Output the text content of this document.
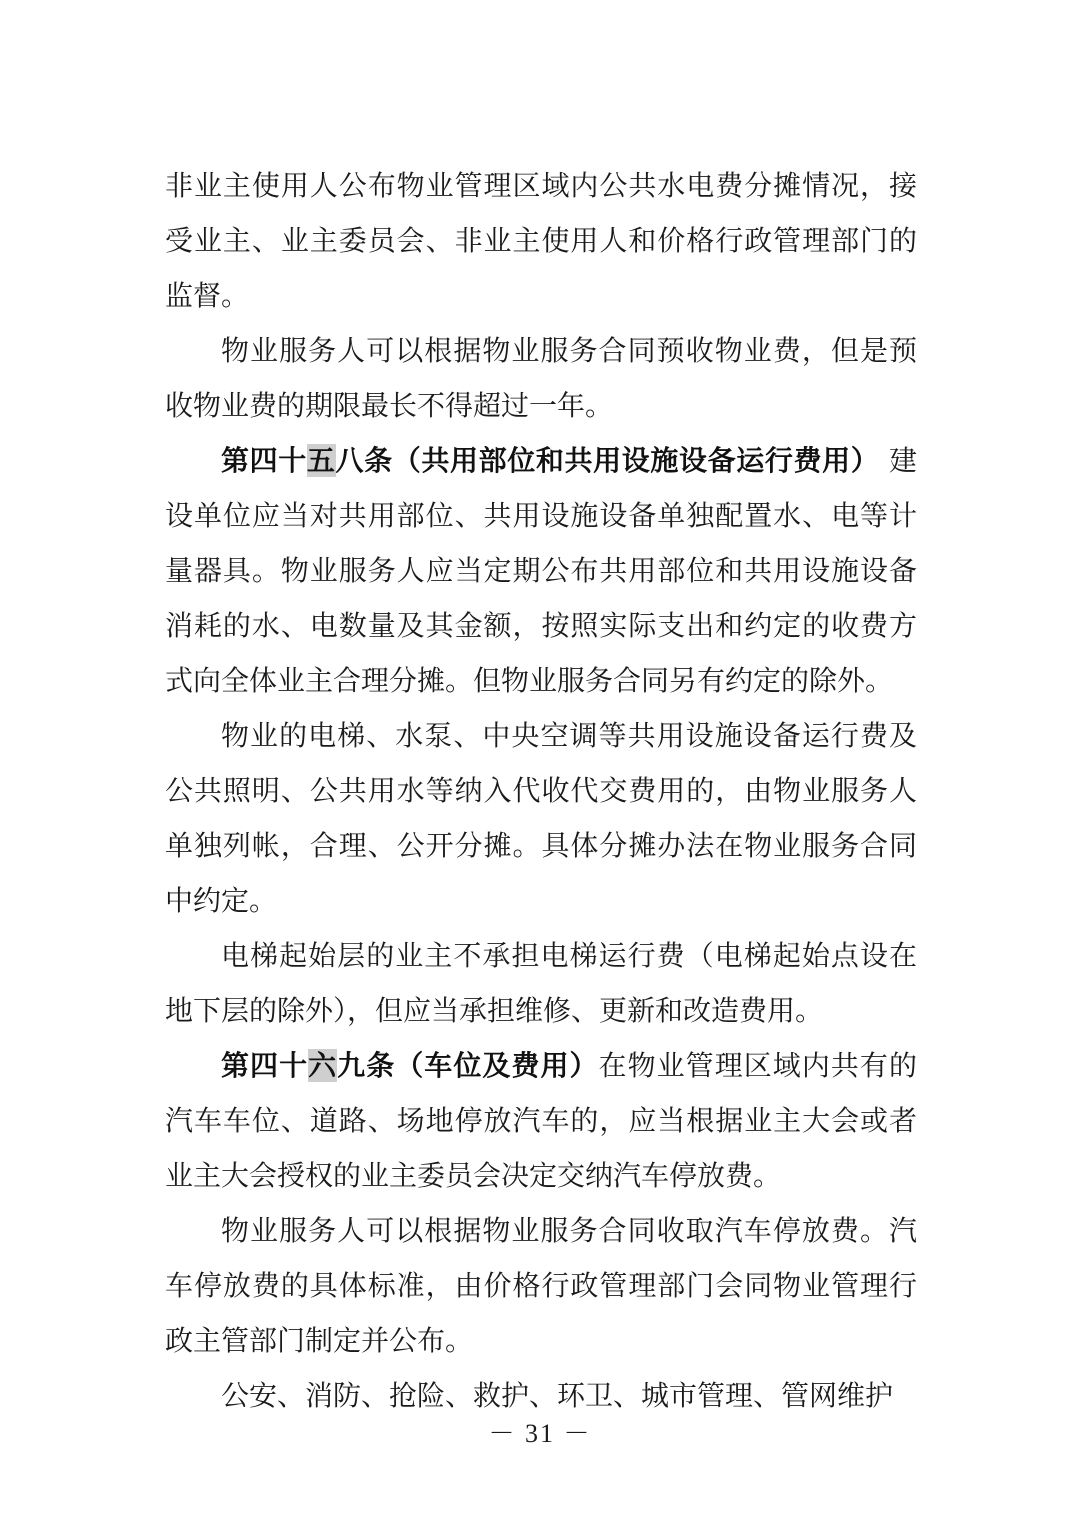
非业主使用人公布物业管理区域内公共水电费分摊情况，接受业主、业主委员会、非业主使用人和价格行政管理部门的监督。

物业服务人可以根据物业服务合同预收物业费，但是预收物业费的期限最长不得超过一年。

第四十五八条（共用部位和共用设施设备运行费用） 建设单位应当对共用部位、共用设施设备单独配置水、电等计量器具。物业服务人应当定期公布共用部位和共用设施设备消耗的水、电数量及其金额，按照实际支出和约定的收费方式向全体业主合理分摊。但物业服务合同另有约定的除外。

物业的电梯、水泵、中央空调等共用设施设备运行费及公共照明、公共用水等纳入代收代交费用的，由物业服务人单独列帐，合理、公开分摊。具体分摊办法在物业服务合同中约定。

电梯起始层的业主不承担电梯运行费（电梯起始点设在地下层的除外），但应当承担维修、更新和改造费用。

第四十六九条（车位及费用）在物业管理区域内共有的汽车车位、道路、场地停放汽车的，应当根据业主大会或者业主大会授权的业主委员会决定交纳汽车停放费。

物业服务人可以根据物业服务合同收取汽车停放费。汽车停放费的具体标准，由价格行政管理部门会同物业管理行政主管部门制定并公布。

公安、消防、抢险、救护、环卫、城市管理、管网维护

－ 31 －
